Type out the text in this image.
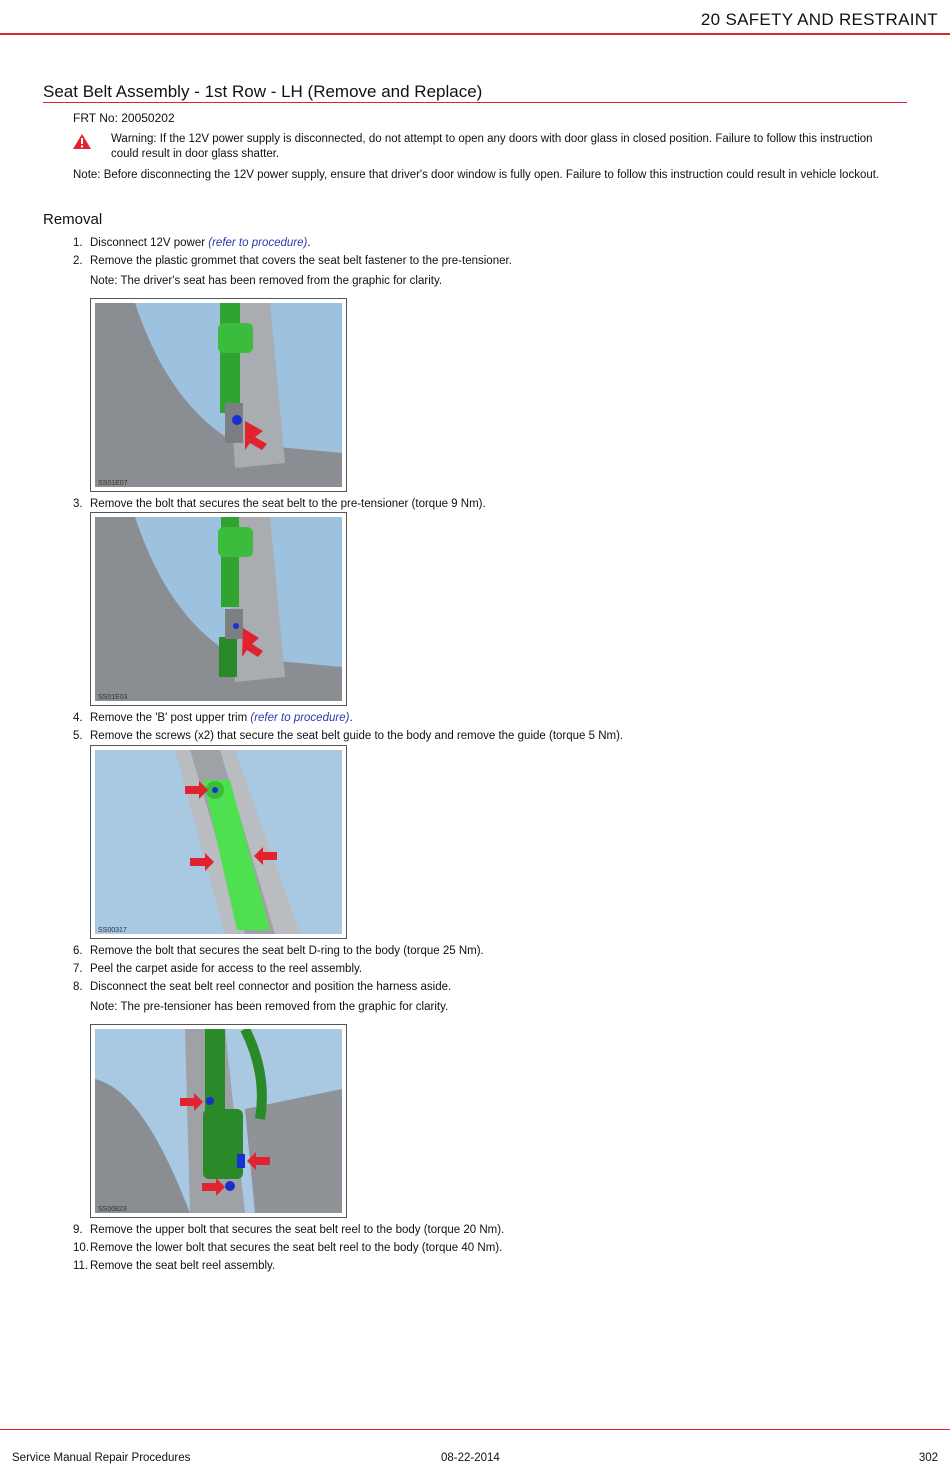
20 SAFETY AND RESTRAINT
Seat Belt Assembly - 1st Row - LH (Remove and Replace)
FRT No: 20050202
Warning: If the 12V power supply is disconnected, do not attempt to open any doors with door glass in closed position. Failure to follow this instruction could result in door glass shatter.
Note: Before disconnecting the 12V power supply, ensure that driver's door window is fully open. Failure to follow this instruction could result in vehicle lockout.
Removal
1. Disconnect 12V power (refer to procedure).
2. Remove the plastic grommet that covers the seat belt fastener to the pre-tensioner.
Note: The driver's seat has been removed from the graphic for clarity.
SS01E07
3. Remove the bolt that secures the seat belt to the pre-tensioner (torque 9 Nm).
SS01E03
4. Remove the 'B' post upper trim (refer to procedure).
5. Remove the screws (x2) that secure the seat belt guide to the body and remove the guide (torque 5 Nm).
SS00317
6. Remove the bolt that secures the seat belt D-ring to the body (torque 25 Nm).
7. Peel the carpet aside for access to the reel assembly.
8. Disconnect the seat belt reel connector and position the harness aside.
Note: The pre-tensioner has been removed from the graphic for clarity.
SS00823
9. Remove the upper bolt that secures the seat belt reel to the body (torque 20 Nm).
10.Remove the lower bolt that secures the seat belt reel to the body (torque 40 Nm).
11. Remove the seat belt reel assembly.
Service Manual Repair Procedures	08-22-2014	302
